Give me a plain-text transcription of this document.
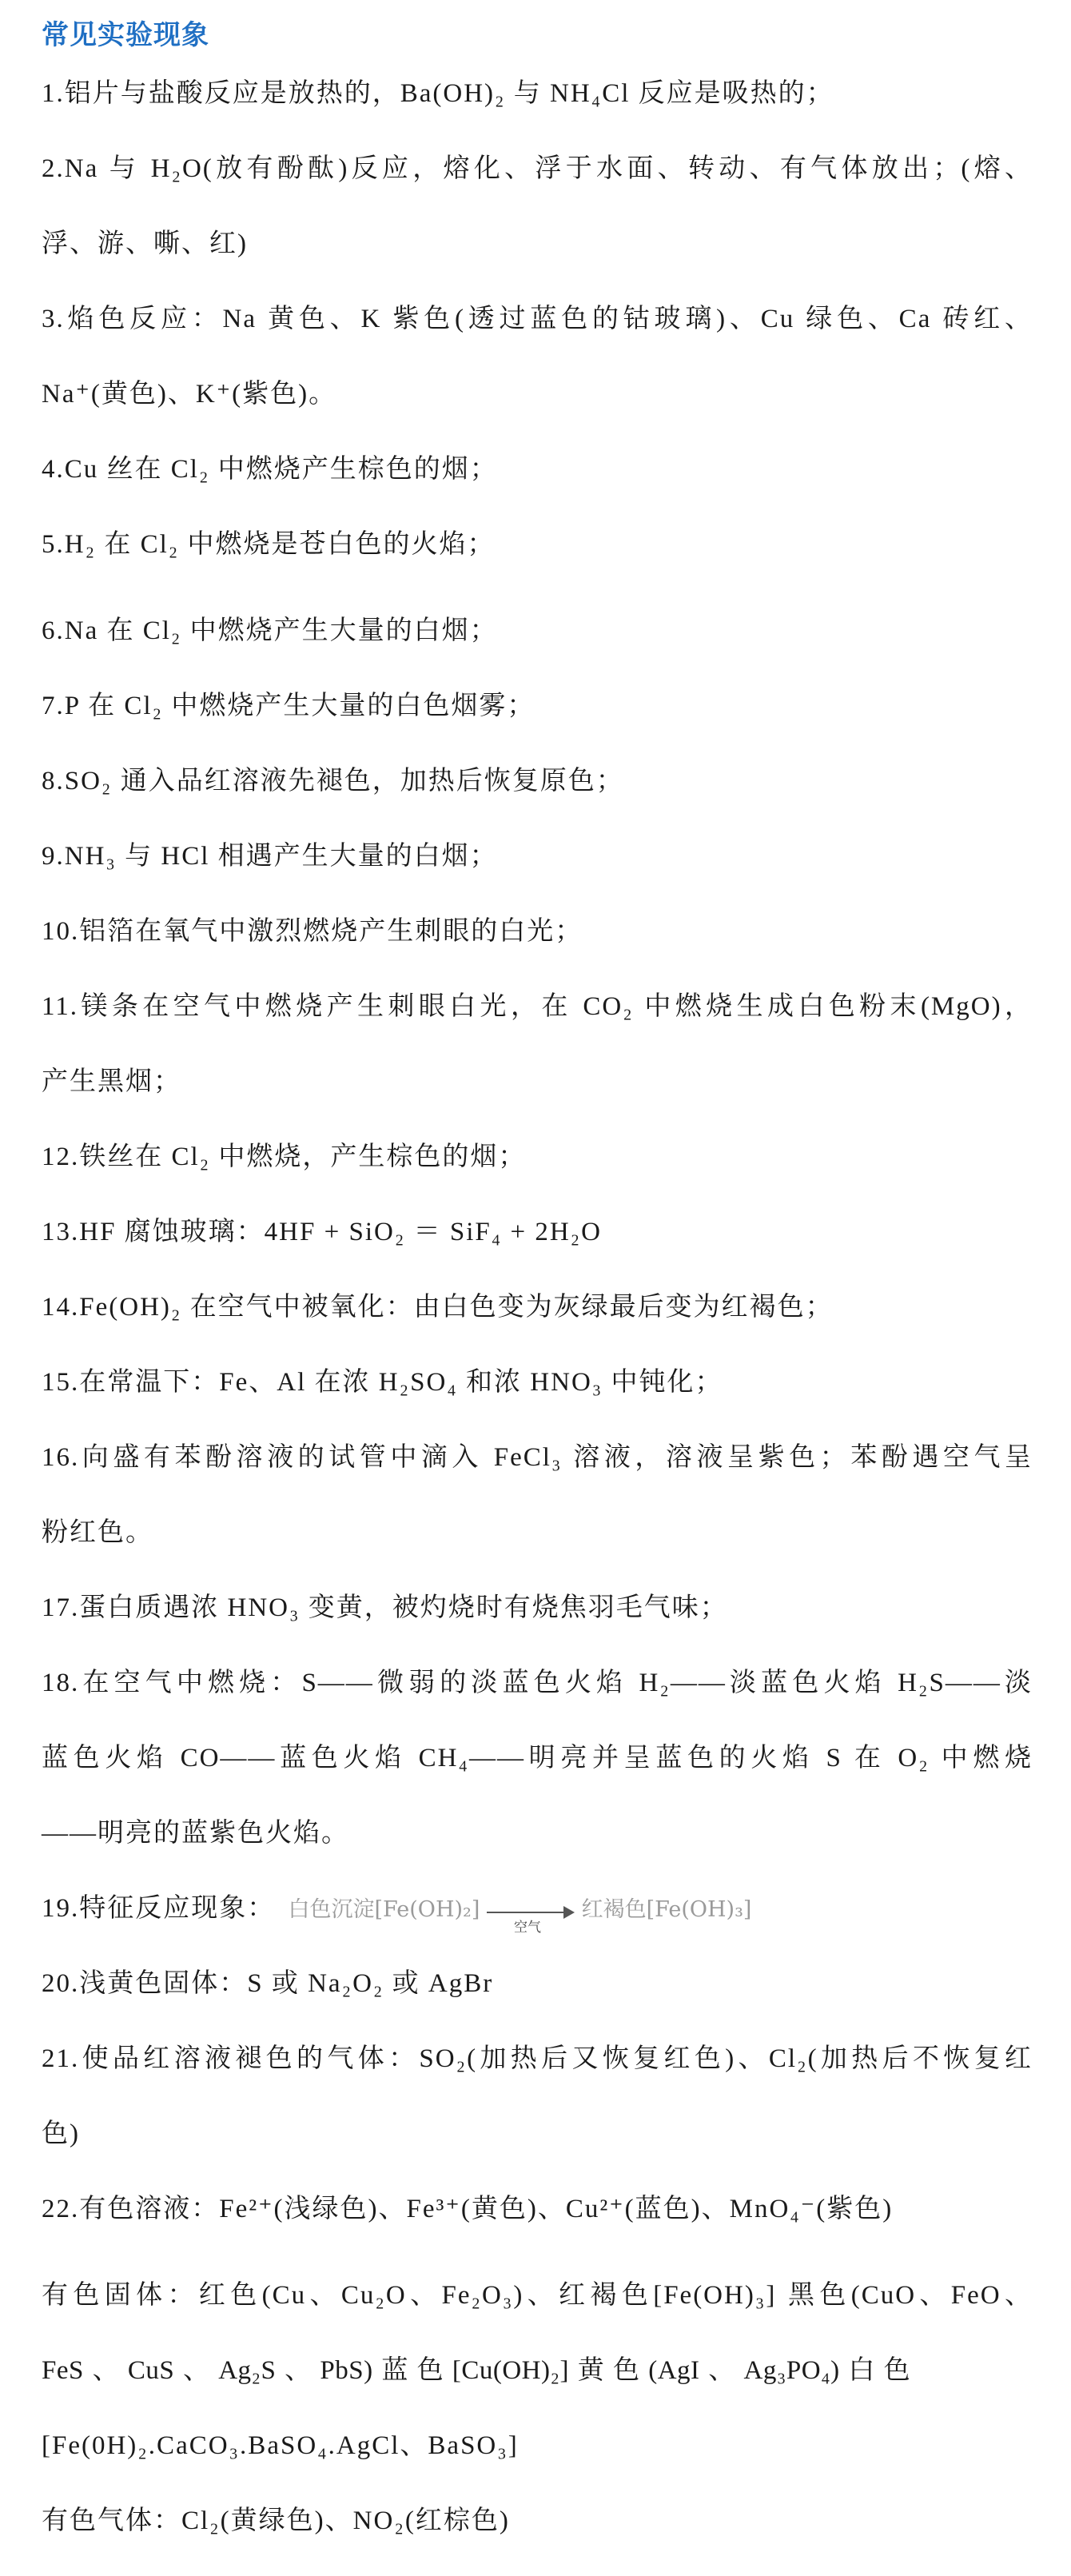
常见实验现象
1.铝片与盐酸反应是放热的，Ba(OH)₂ 与 NH₄Cl 反应是吸热的；
2.Na 与 H₂O(放有酚酞)反应，熔化、浮于水面、转动、有气体放出；(熔、
浮、游、嘶、红)
3.焰色反应：Na 黄色、K 紫色(透过蓝色的钴玻璃)、Cu 绿色、Ca 砖红、
Na⁺(黄色)、K⁺(紫色)。
4.Cu 丝在 Cl₂ 中燃烧产生棕色的烟；
5.H₂ 在 Cl₂ 中燃烧是苍白色的火焰；
6.Na 在 Cl₂ 中燃烧产生大量的白烟；
7.P 在 Cl₂ 中燃烧产生大量的白色烟雾；
8.SO₂ 通入品红溶液先褪色，加热后恢复原色；
9.NH₃ 与 HCl 相遇产生大量的白烟；
10.铝箔在氧气中激烈燃烧产生刺眼的白光；
11.镁条在空气中燃烧产生刺眼白光，在 CO₂ 中燃烧生成白色粉末(MgO)，
产生黑烟；
12.铁丝在 Cl₂ 中燃烧，产生棕色的烟；
13.HF 腐蚀玻璃：4HF + SiO₂ ＝ SiF₄ + 2H₂O
14.Fe(OH)₂ 在空气中被氧化：由白色变为灰绿最后变为红褐色；
15.在常温下：Fe、Al 在浓 H₂SO₄ 和浓 HNO₃ 中钝化；
16.向盛有苯酚溶液的试管中滴入 FeCl₃ 溶液，溶液呈紫色；苯酚遇空气呈
粉红色。
17.蛋白质遇浓 HNO₃ 变黄，被灼烧时有烧焦羽毛气味；
18.在空气中燃烧：S——微弱的淡蓝色火焰 H₂——淡蓝色火焰 H₂S——淡
蓝色火焰 CO——蓝色火焰 CH₄——明亮并呈蓝色的火焰 S 在 O₂ 中燃烧
——明亮的蓝紫色火焰。
19.特征反应现象： 白色沉淀[Fe(OH)₂]
空气
红褐色[Fe(OH)₃]
20.浅黄色固体：S 或 Na₂O₂ 或 AgBr
21.使品红溶液褪色的气体：SO₂(加热后又恢复红色)、Cl₂(加热后不恢复红
色)
22.有色溶液：Fe²⁺(浅绿色)、Fe³⁺(黄色)、Cu²⁺(蓝色)、MnO₄⁻(紫色)
有色固体：红色(Cu、Cu₂O、Fe₂O₃)、红褐色[Fe(OH)₃] 黑色(CuO、FeO、
FeS 、 CuS 、 Ag₂S 、 PbS) 蓝 色 [Cu(OH)₂] 黄 色 (AgI 、 Ag₃PO₄) 白 色
[Fe(0H)₂.CaCO₃.BaSO₄.AgCl、BaSO₃]
有色气体：Cl₂(黄绿色)、NO₂(红棕色)
